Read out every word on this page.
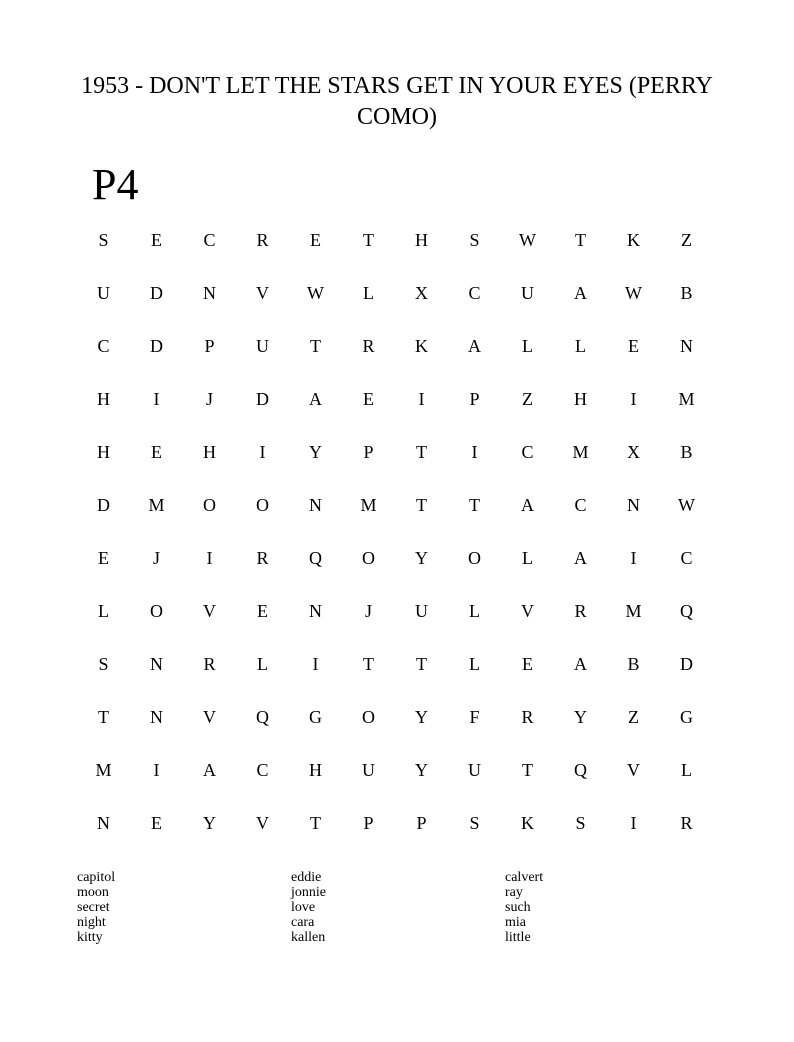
1953 - DON'T LET THE STARS GET IN YOUR EYES (PERRY COMO)
P4
S	E	C	R	E	T	H	S	W	T	K	Z
U	D	N	V	W	L	X	C	U	A	W	B
C	D	P	U	T	R	K	A	L	L	E	N
H	I	J	D	A	E	I	P	Z	H	I	M
H	E	H	I	Y	P	T	I	C	M	X	B
D	M	O	O	N	M	T	T	A	C	N	W
E	J	I	R	Q	O	Y	O	L	A	I	C
L	O	V	E	N	J	U	L	V	R	M	Q
S	N	R	L	I	T	T	L	E	A	B	D
T	N	V	Q	G	O	Y	F	R	Y	Z	G
M	I	A	C	H	U	Y	U	T	Q	V	L
N	E	Y	V	T	P	P	S	K	S	I	R
capitol
moon
secret
night
kitty
eddie
jonnie
love
cara
kallen
calvert
ray
such
mia
little
